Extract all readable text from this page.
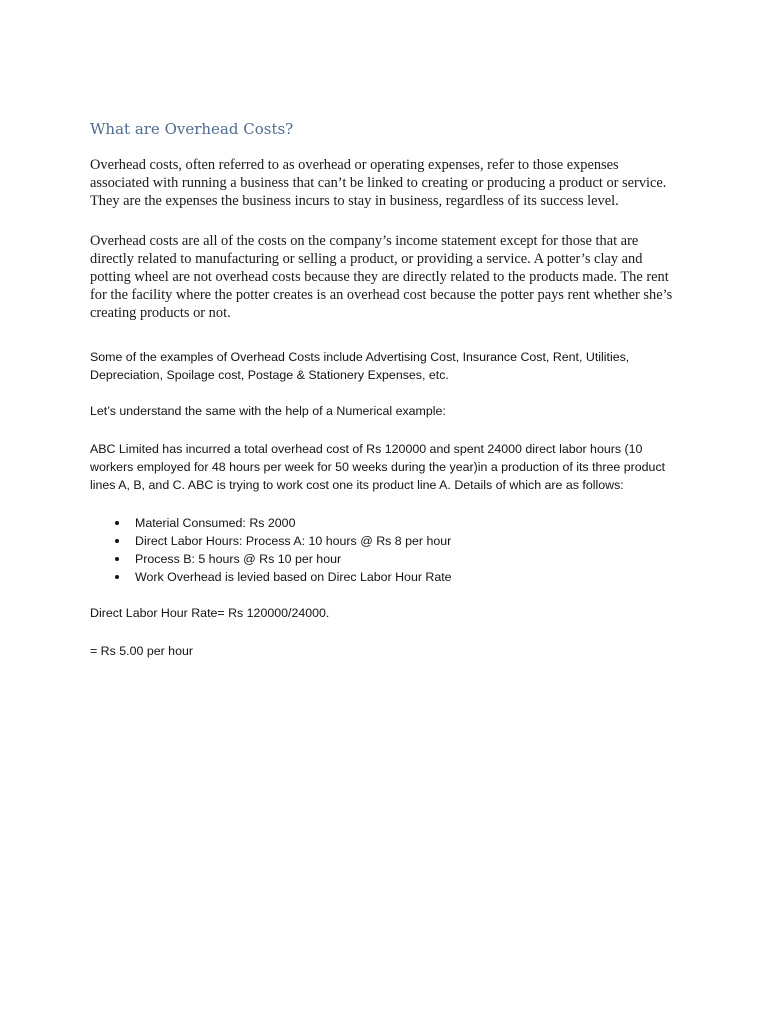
What are Overhead Costs?

Overhead costs, often referred to as overhead or operating expenses, refer to those expenses associated with running a business that can’t be linked to creating or producing a product or service. They are the expenses the business incurs to stay in business, regardless of its success level.

Overhead costs are all of the costs on the company’s income statement except for those that are directly related to manufacturing or selling a product, or providing a service. A potter’s clay and potting wheel are not overhead costs because they are directly related to the products made. The rent for the facility where the potter creates is an overhead cost because the potter pays rent whether she’s creating products or not.

Some of the examples of Overhead Costs include Advertising Cost, Insurance Cost, Rent, Utilities, Depreciation, Spoilage cost, Postage & Stationery Expenses, etc.

Let’s understand the same with the help of a Numerical example:

ABC Limited has incurred a total overhead cost of Rs 120000 and spent 24000 direct labor hours (10 workers employed for 48 hours per week for 50 weeks during the year)in a production of its three product lines A, B, and C. ABC is trying to work cost one its product line A. Details of which are as follows:

Material Consumed: Rs 2000
Direct Labor Hours: Process A: 10 hours @ Rs 8 per hour
Process B: 5 hours @ Rs 10 per hour
Work Overhead is levied based on Direc Labor Hour Rate

Direct Labor Hour Rate= Rs 120000/24000.

= Rs 5.00 per hour
